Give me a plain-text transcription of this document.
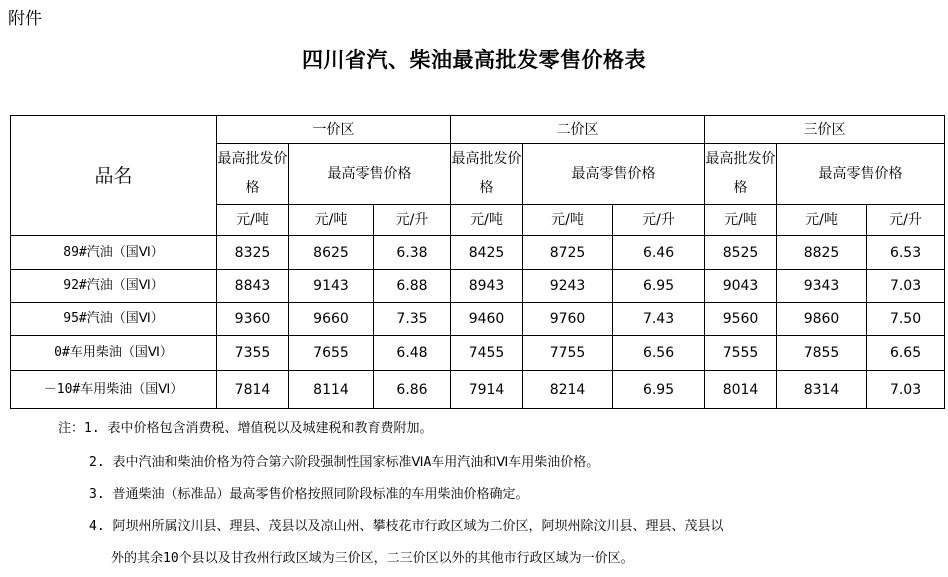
附件
四川省汽、柴油最高批发零售价格表
品名	一价区			二价区			三价区		
	最高批发价格	最高零售价格		最高批发价格	最高零售价格		最高批发价格	最高零售价格	
	元/吨	元/吨	元/升	元/吨	元/吨	元/升	元/吨	元/吨	元/升
89#汽油（国Ⅵ）	8325	8625	6.38	8425	8725	6.46	8525	8825	6.53
92#汽油（国Ⅵ）	8843	9143	6.88	8943	9243	6.95	9043	9343	7.03
95#汽油（国Ⅵ）	9360	9660	7.35	9460	9760	7.43	9560	9860	7.50
0#车用柴油（国Ⅵ）	7355	7655	6.48	7455	7755	6.56	7555	7855	6.65
－10#车用柴油（国Ⅵ）	7814	8114	6.86	7914	8214	6.95	8014	8314	7.03
注：1. 表中价格包含消费税、增值税以及城建税和教育费附加。
2. 表中汽油和柴油价格为符合第六阶段强制性国家标准ⅥA车用汽油和Ⅵ车用柴油价格。
3. 普通柴油（标准品）最高零售价格按照同阶段标准的车用柴油价格确定。
4. 阿坝州所属汶川县、理县、茂县以及凉山州、攀枝花市行政区域为二价区，阿坝州除汶川县、理县、茂县以
外的其余10个县以及甘孜州行政区域为三价区，二三价区以外的其他市行政区域为一价区。
